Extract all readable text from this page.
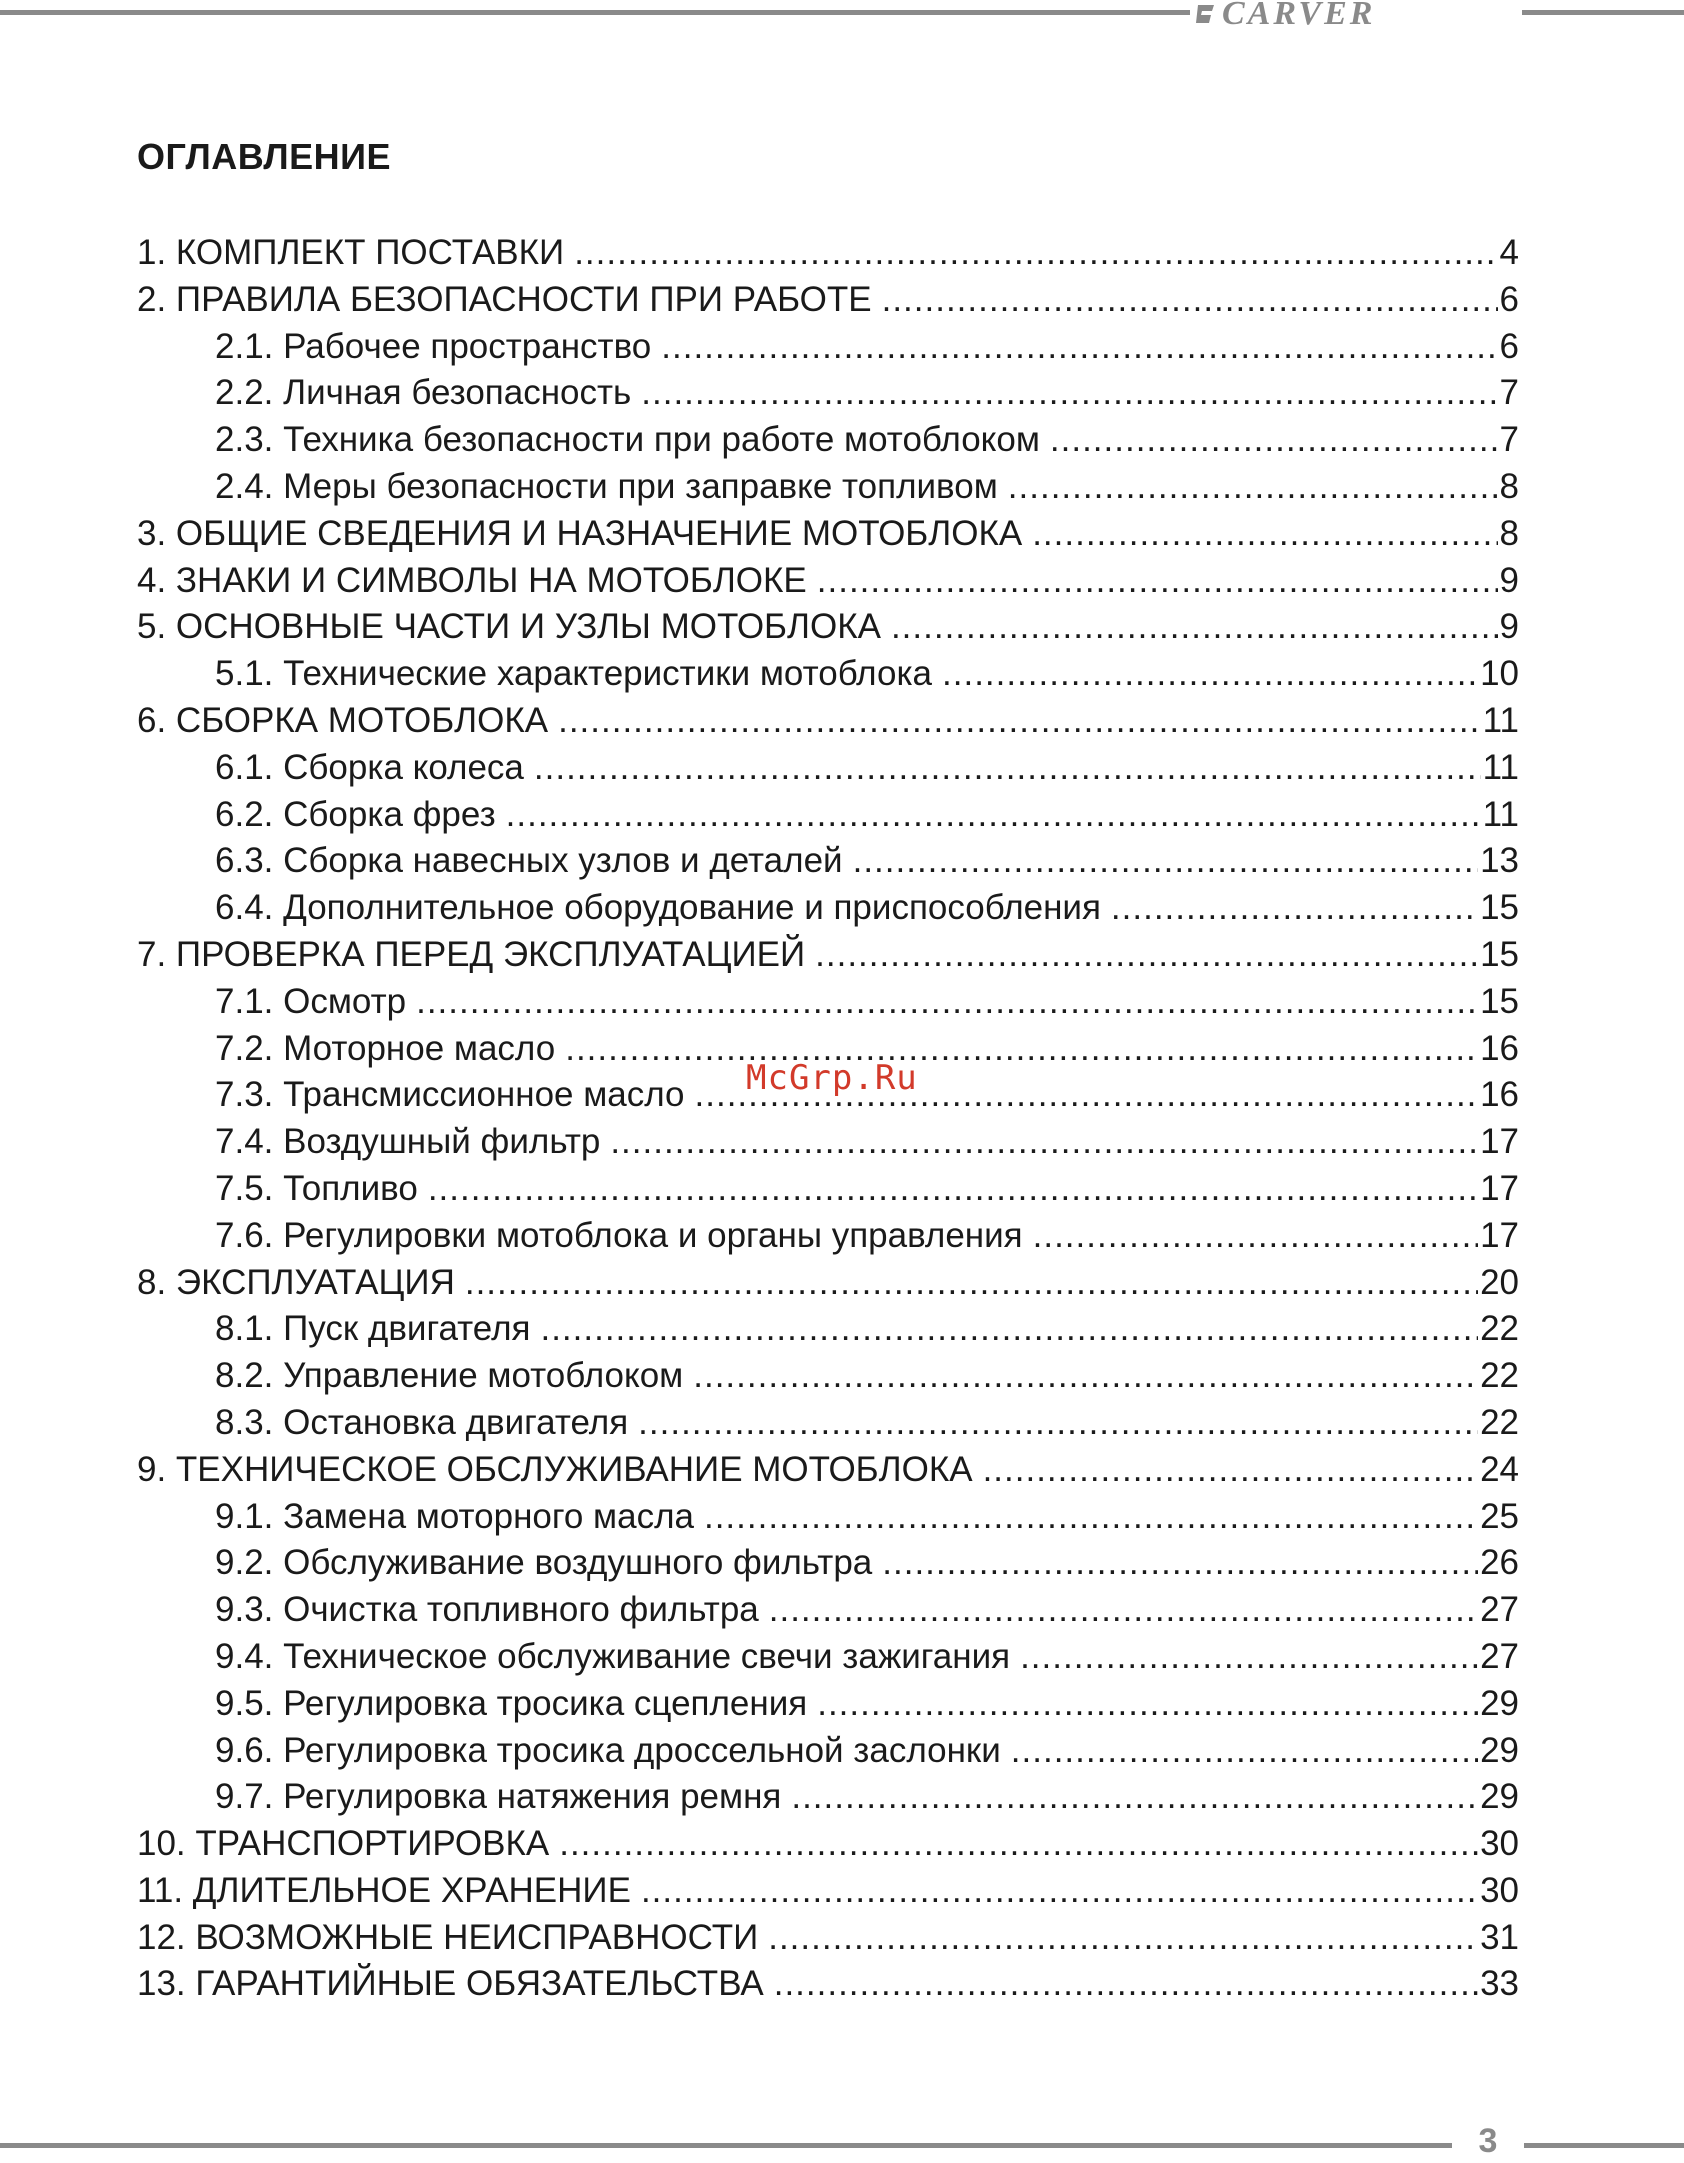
CARVER
ОГЛАВЛЕНИЕ
1. КОМПЛЕКТ ПОСТАВКИ .....	4
2. ПРАВИЛА БЕЗОПАСНОСТИ ПРИ РАБОТЕ .....	6
2.1. Рабочее пространство .....	6
2.2. Личная безопасность .....	7
2.3. Техника безопасности при работе мотоблоком .....	7
2.4. Меры безопасности при заправке топливом .....	8
3. ОБЩИЕ СВЕДЕНИЯ И НАЗНАЧЕНИЕ МОТОБЛОКА .....	8
4. ЗНАКИ И СИМВОЛЫ НА МОТОБЛОКЕ .....	9
5. ОСНОВНЫЕ ЧАСТИ И УЗЛЫ МОТОБЛОКА .....	9
5.1. Технические характеристики мотоблока .....	10
6. СБОРКА МОТОБЛОКА .....	11
6.1. Сборка колеса .....	11
6.2. Сборка фрез .....	11
6.3. Сборка навесных узлов и деталей .....	13
6.4. Дополнительное оборудование и приспособления .....	15
7. ПРОВЕРКА ПЕРЕД ЭКСПЛУАТАЦИЕЙ .....	15
7.1. Осмотр .....	15
7.2. Моторное масло .....	16
7.3. Трансмиссионное масло .....	16
7.4. Воздушный фильтр .....	17
7.5. Топливо .....	17
7.6. Регулировки мотоблока и органы управления .....	17
8. ЭКСПЛУАТАЦИЯ .....	20
8.1. Пуск двигателя .....	22
8.2. Управление мотоблоком .....	22
8.3. Остановка двигателя .....	22
9. ТЕХНИЧЕСКОЕ ОБСЛУЖИВАНИЕ МОТОБЛОКА .....	24
9.1. Замена моторного масла .....	25
9.2. Обслуживание воздушного фильтра .....	26
9.3. Очистка топливного фильтра .....	27
9.4. Техническое обслуживание свечи зажигания .....	27
9.5. Регулировка тросика сцепления .....	29
9.6. Регулировка тросика дроссельной заслонки .....	29
9.7. Регулировка натяжения ремня .....	29
10. ТРАНСПОРТИРОВКА .....	30
11. ДЛИТЕЛЬНОЕ ХРАНЕНИЕ .....	30
12. ВОЗМОЖНЫЕ НЕИСПРАВНОСТИ .....	31
13. ГАРАНТИЙНЫЕ ОБЯЗАТЕЛЬСТВА .....	33
McGrp.Ru
3
